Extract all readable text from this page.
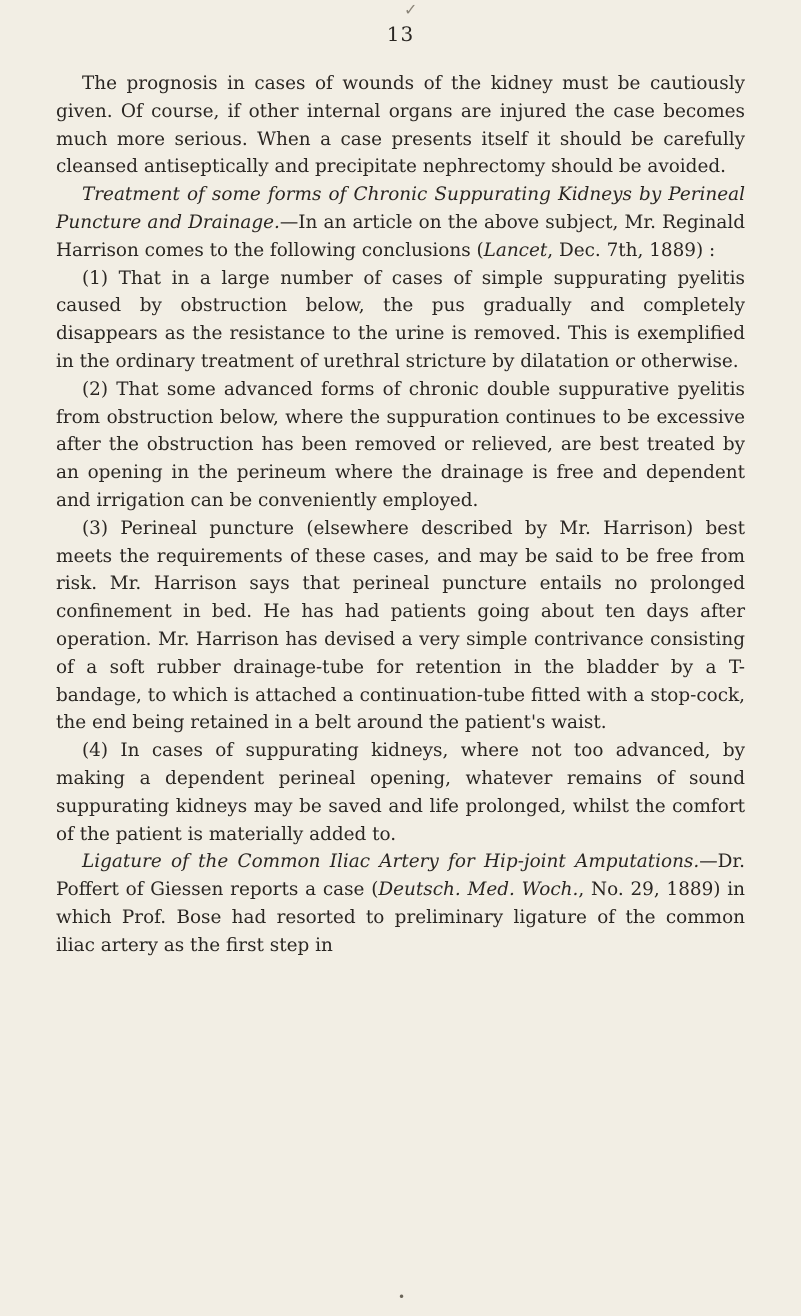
✓
13

The prognosis in cases of wounds of the kidney must be cautiously given. Of course, if other internal organs are injured the case becomes much more serious. When a case presents itself it should be carefully cleansed antiseptically and precipitate nephrectomy should be avoided.

Treatment of some forms of Chronic Suppurating Kidneys by Perineal Puncture and Drainage.—In an article on the above subject, Mr. Reginald Harrison comes to the following conclusions (Lancet, Dec. 7th, 1889) :

(1) That in a large number of cases of simple suppurating pyelitis caused by obstruction below, the pus gradually and completely disappears as the resistance to the urine is removed. This is exemplified in the ordinary treatment of urethral stricture by dilatation or otherwise.

(2) That some advanced forms of chronic double suppurative pyelitis from obstruction below, where the suppuration continues to be excessive after the obstruction has been removed or relieved, are best treated by an opening in the perineum where the drainage is free and dependent and irrigation can be conveniently employed.

(3) Perineal puncture (elsewhere described by Mr. Harrison) best meets the requirements of these cases, and may be said to be free from risk. Mr. Harrison says that perineal puncture entails no prolonged confinement in bed. He has had patients going about ten days after operation. Mr. Harrison has devised a very simple contrivance consisting of a soft rubber drainage-tube for retention in the bladder by a T-bandage, to which is attached a continuation-tube fitted with a stop-cock, the end being retained in a belt around the patient's waist.

(4) In cases of suppurating kidneys, where not too advanced, by making a dependent perineal opening, whatever remains of sound suppurating kidneys may be saved and life prolonged, whilst the comfort of the patient is materially added to.

Ligature of the Common Iliac Artery for Hip-joint Amputations.—Dr. Poffert of Giessen reports a case (Deutsch. Med. Woch., No. 29, 1889) in which Prof. Bose had resorted to preliminary ligature of the common iliac artery as the first step in

•
